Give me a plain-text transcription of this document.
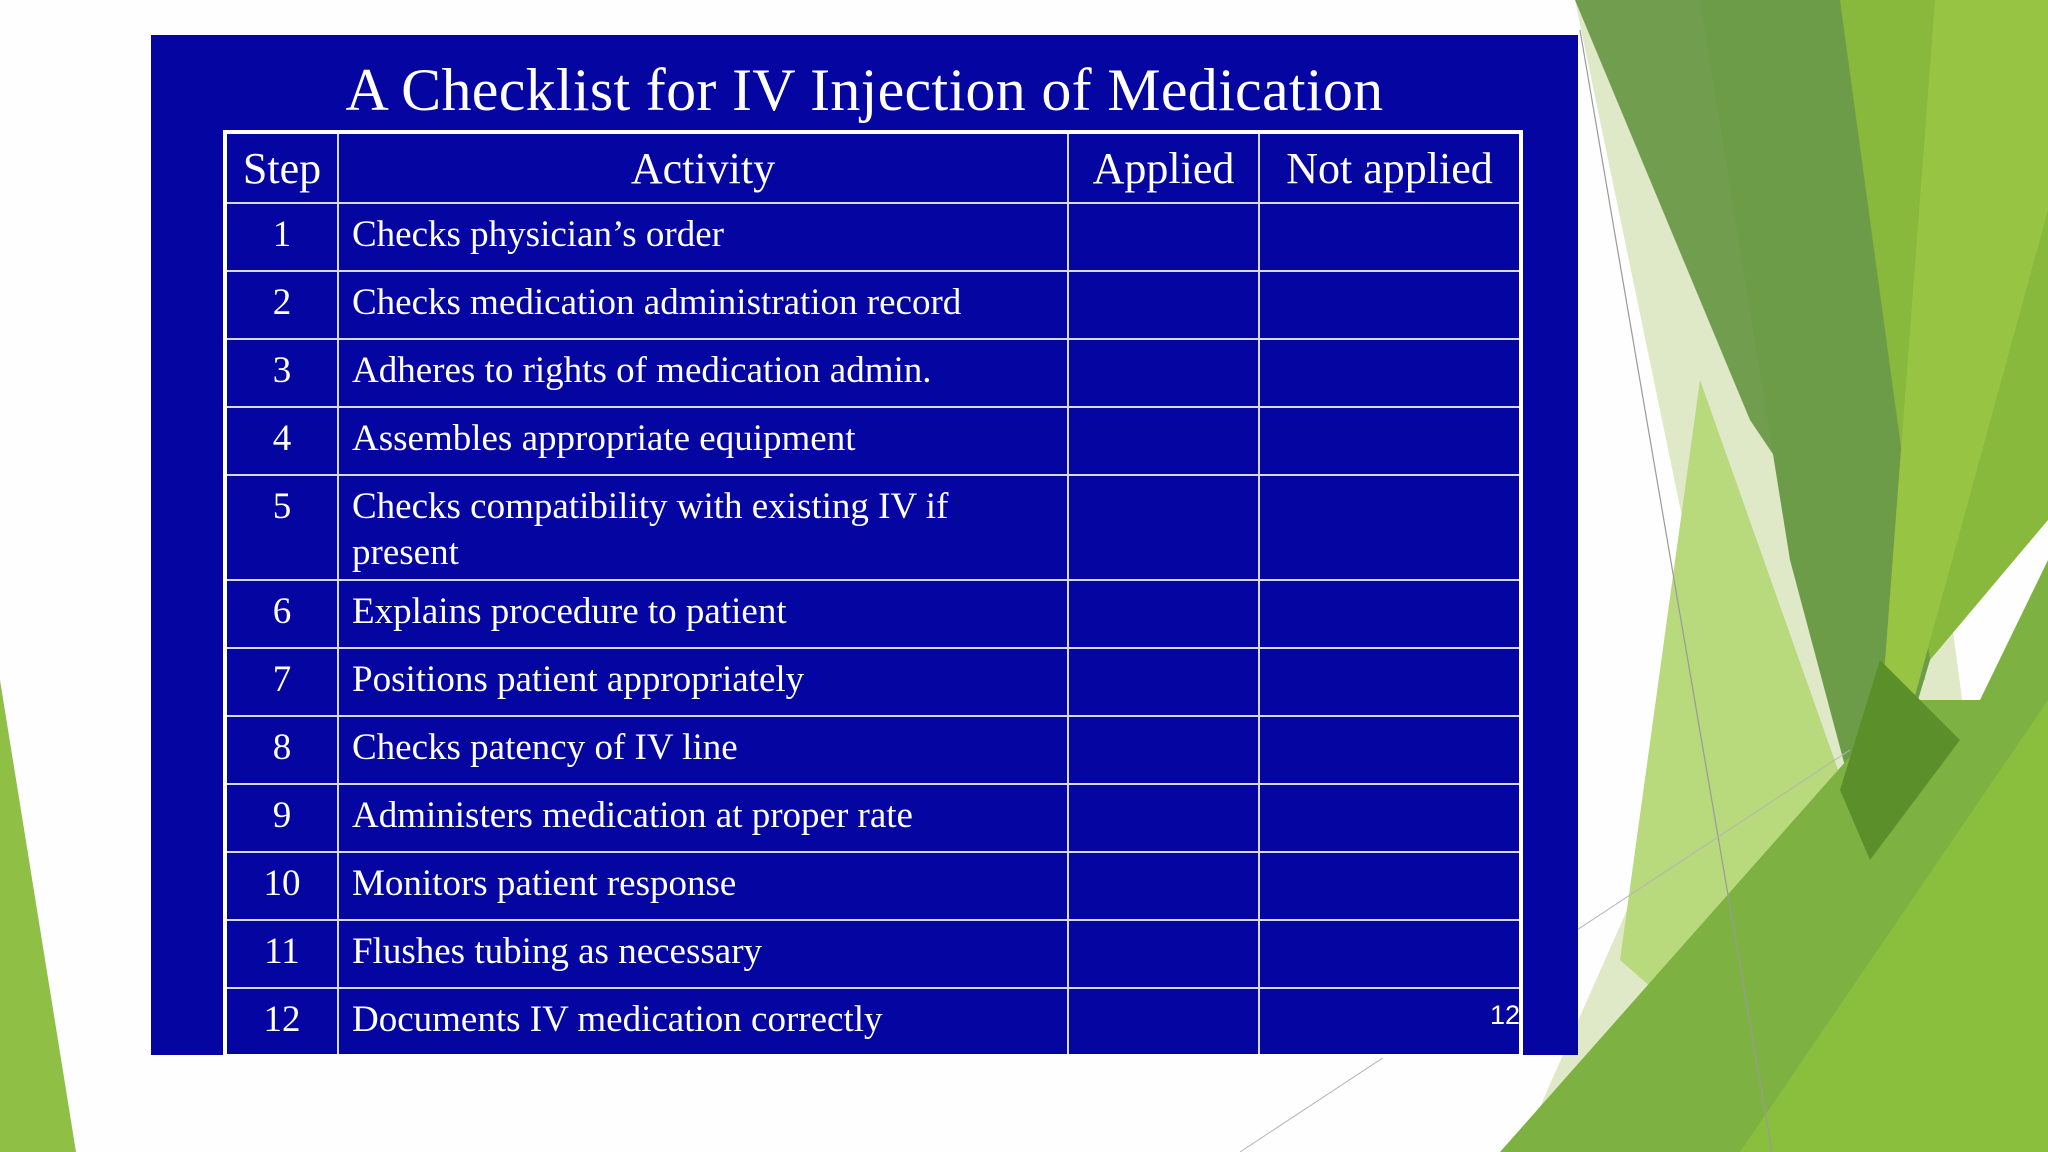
A Checklist for IV Injection of Medication
Step	Activity	Applied	Not applied
1	Checks physician’s order		
2	Checks medication administration record		
3	Adheres to rights of medication admin.		
4	Assembles appropriate equipment		
5	Checks compatibility with existing IV if present		
6	Explains procedure to patient		
7	Positions patient appropriately		
8	Checks patency of IV line		
9	Administers medication at proper rate		
10	Monitors patient response		
11	Flushes tubing as necessary		
12	Documents IV medication correctly			12
